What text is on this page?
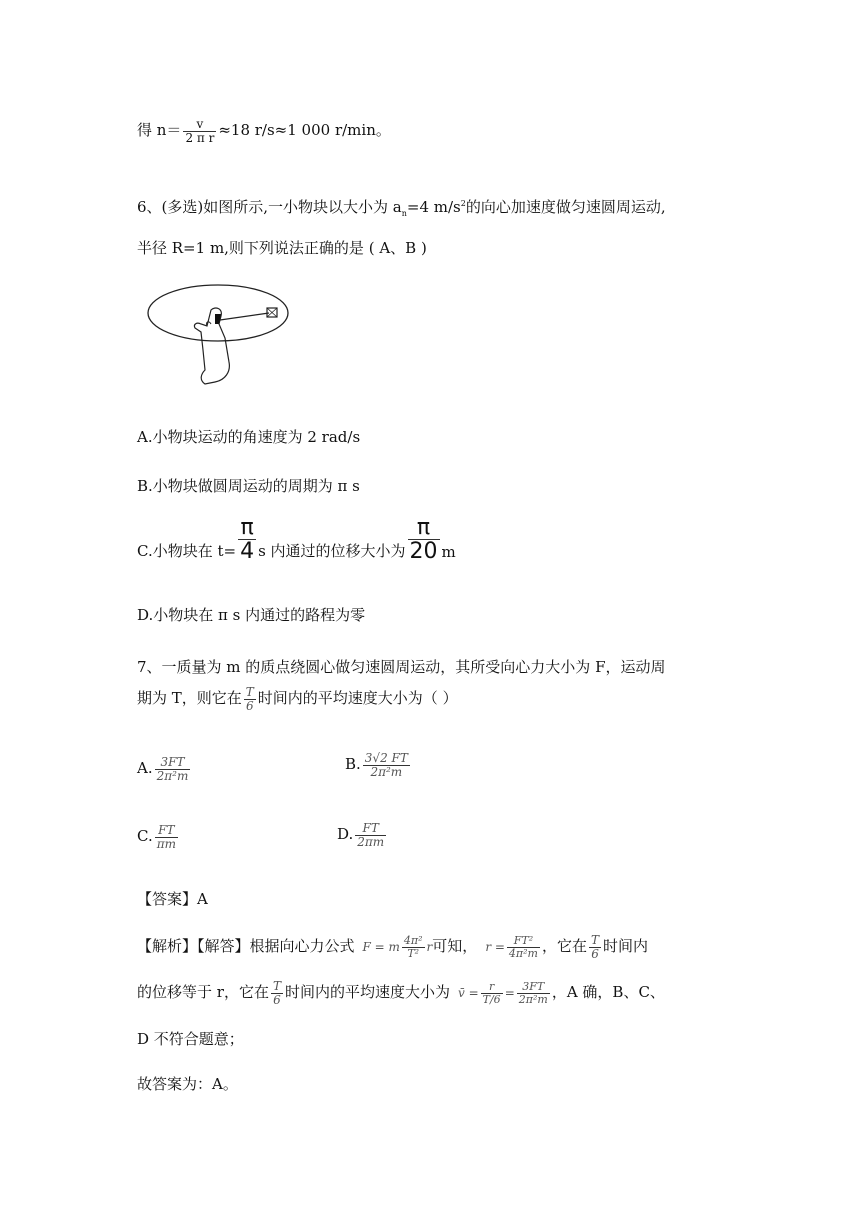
得 $n= \frac{v}{\text{2 π r}} \approx 18$ r/s≈1 000 r/min。
6、(多选)如图所示,一小物块以大小为 $a_n=4$ $m/s^2$的向心加速度做匀速圆周运动,
半径 R=1 m,则下列说法正确的是 ( A、B )
A.小物块运动的角速度为 2 rad/s
B.小物块做圆周运动的周期为 π s
C.小物块在 $t= \frac{\pi}{4}$ s 内通过的位移大小为 $\frac{\pi}{20}$ m
D.小物块在 π s 内通过的路程为零
7、一质量为 m 的质点绕圆心做匀速圆周运动，其所受向心力大小为 F，运动周
期为 T，则它在 $\frac{T}{6}$ 时间内的平均速度大小为（ ）
A. $\frac{3FT}{\text{2π²m}}$	B. $\frac{3√2 FT}{\text{2π²m}}$
C. $\frac{FT}{\pi m}$	D. $\frac{FT}{2\pi m}$
【答案】A
【解析】【解答】根据向心力公式 F = m $\frac{\text{4π²}}{\text{T²}}$ r可知， $r = \frac{\text{FT²}}{\text{4π²m}}$ ，它在 $\frac{T}{6}$ 时间内
的位移等于 r，它在 $\frac{T}{6}$ 时间内的平均速度大小为 v̄ = $\frac{r}{T/6} = \frac{3FT}{\text{2π²m}}$ ，A 确，B、C、
D 不符合题意；
故答案为：A。
